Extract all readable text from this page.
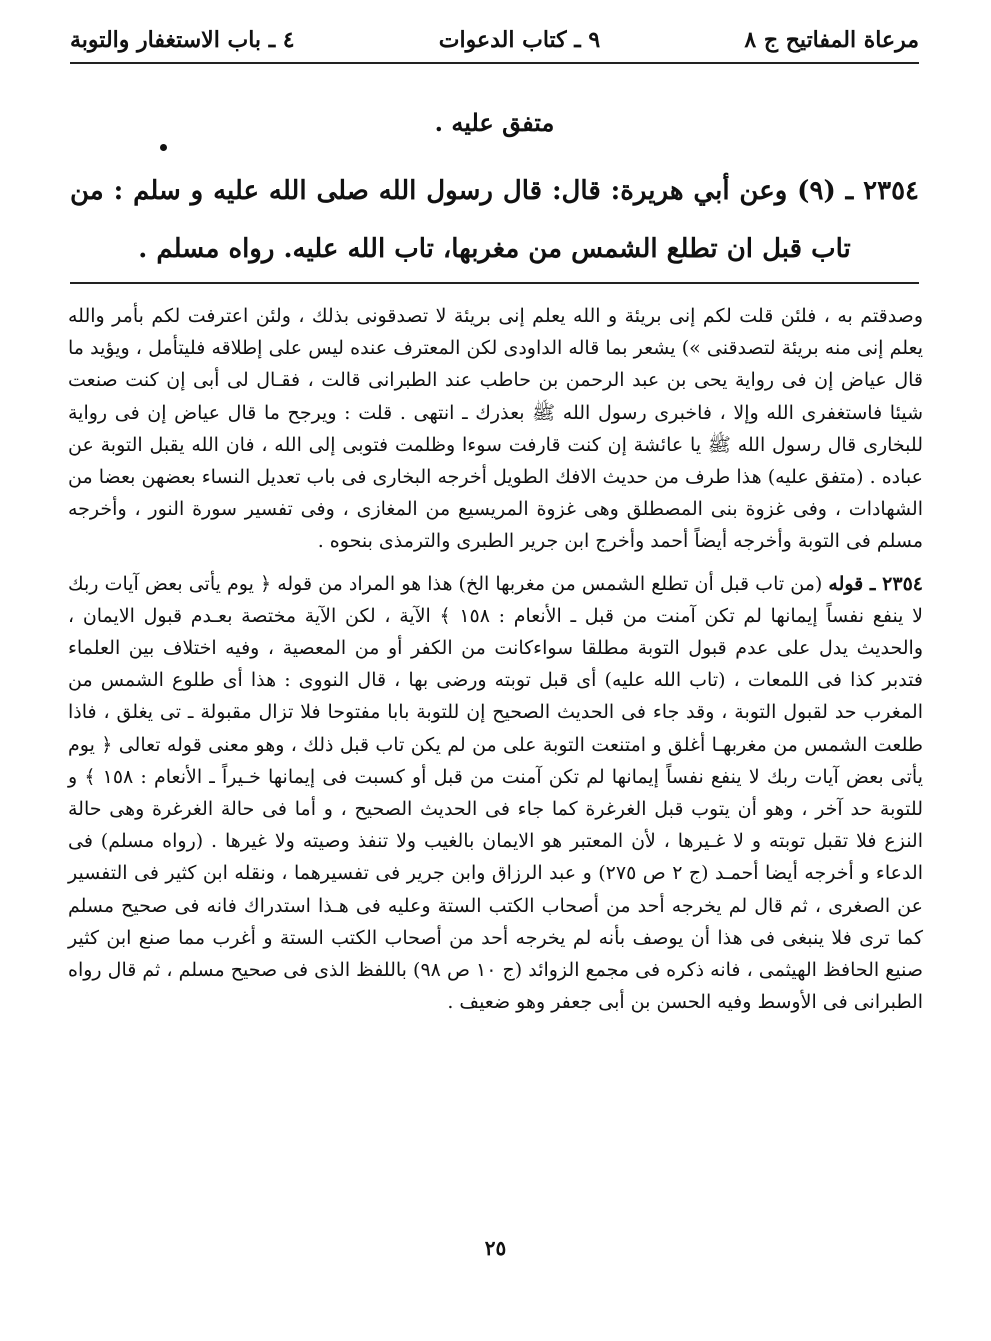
مرعاة المفاتيح ج ٨
٩ ـ كتاب الدعوات
٤ ـ باب الاستغفار والتوبة
متفق عليه .
٢٣٥٤ ـ (٩) وعن أبي هريرة: قال: قال رسول الله صلى الله عليه و سلم : من تاب قبل ان تطلع الشمس من مغربها، تاب الله عليه. رواه مسلم .

وصدقتم به ، فلئن قلت لكم إنى بريئة و الله يعلم إنى بريئة لا تصدقونى بذلك ، ولئن اعترفت لكم بأمر والله يعلم إنى منه بريئة لتصدقنى ») يشعر بما قاله الداودى لكن المعترف عنده ليس على إطلاقه فليتأمل ، ويؤيد ما قال عياض إن فى رواية يحى بن عبد الرحمن بن حاطب عند الطبرانى قالت ، فقـال لى أبى إن كنت صنعت شيئا فاستغفرى الله وإلا ، فاخبرى رسول الله ﷺ بعذرك ـ انتهى . قلت : ويرجح ما قال عياض إن فى رواية للبخارى قال رسول الله ﷺ يا عائشة إن كنت قارفت سوءا وظلمت فتوبى إلى الله ، فان الله يقبل التوبة عن عباده . (متفق عليه) هذا طرف من حديث الافك الطويل أخرجه البخارى فى باب تعديل النساء بعضهن بعضا من الشهادات ، وفى غزوة بنى المصطلق وهى غزوة المريسيع من المغازى ، وفى تفسير سورة النور ، وأخرجه مسلم فى التوبة وأخرجه أيضاً أحمد وأخرج ابن جرير الطبرى والترمذى بنحوه .

٢٣٥٤ ـ قوله (من تاب قبل أن تطلع الشمس من مغربها الخ) هذا هو المراد من قوله ﴿ يوم يأتى بعض آيات ربك لا ينفع نفساً إيمانها لم تكن آمنت من قبل ـ الأنعام : ١٥٨ ﴾ الآية ، لكن الآية مختصة بعـدم قبول الايمان ، والحديث يدل على عدم قبول التوبة مطلقا سواءكانت من الكفر أو من المعصية ، وفيه اختلاف بين العلماء فتدبر كذا فى اللمعات ، (تاب الله عليه) أى قبل توبته ورضى بها ، قال النووى : هذا أى طلوع الشمس من المغرب حد لقبول التوبة ، وقد جاء فى الحديث الصحيح إن للتوبة بابا مفتوحا فلا تزال مقبولة ـ تى يغلق ، فاذا طلعت الشمس من مغربهـا أغلق و امتنعت التوبة على من لم يكن تاب قبل ذلك ، وهو معنى قوله تعالى ﴿ يوم يأتى بعض آيات ربك لا ينفع نفساً إيمانها لم تكن آمنت من قبل أو كسبت فى إيمانها خـيراً ـ الأنعام : ١٥٨ ﴾ و للتوبة حد آخر ، وهو أن يتوب قبل الغرغرة كما جاء فى الحديث الصحيح ، و أما فى حالة الغرغرة وهى حالة النزع فلا تقبل توبته و لا غـيرها ، لأن المعتبر هو الايمان بالغيب ولا تنفذ وصيته ولا غيرها . (رواه مسلم) فى الدعاء و أخرجه أيضا أحمـد (ج ٢ ص ٢٧٥) و عبد الرزاق وابن جرير فى تفسيرهما ، ونقله ابن كثير فى التفسير عن الصغرى ، ثم قال لم يخرجه أحد من أصحاب الكتب الستة وعليه فى هـذا استدراك فانه فى صحيح مسلم كما ترى فلا ينبغى فى هذا أن يوصف بأنه لم يخرجه أحد من أصحاب الكتب الستة و أغرب مما صنع ابن كثير صنيع الحافظ الهيثمى ، فانه ذكره فى مجمع الزوائد (ج ١٠ ص ٩٨) باللفظ الذى فى صحيح مسلم ، ثم قال رواه الطبرانى فى الأوسط وفيه الحسن بن أبى جعفر وهو ضعيف .

٢٥
